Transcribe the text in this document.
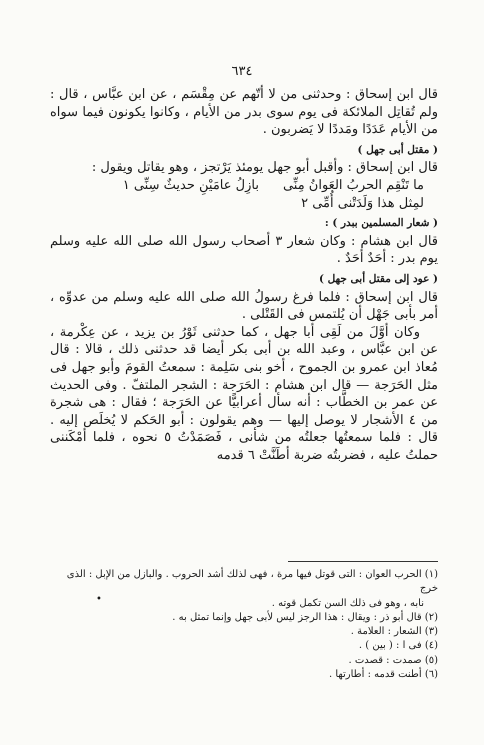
٦٣٤

قال ابن إسحاق : وحدثنى من لا أتّهم عن مِقْسَم ، عن ابن عبَّاس ، قال : ولم تُقاتِل الملائكة فى يوم سوى بدر من الأيام ، وكانوا يكونون فيما سواه من الأيام عَدَدًا ومَددًا لا يَضربون .

( مقتل أبى جهل )

قال ابن إسحاق : وأقبل أبو جهل يومئذ يَرْتجز ، وهو يقاتل ويقول :

ما تَنْقِم الحربُ العَوانُ مِنِّى
بازِلُ عامَيْنِ حديثٌ سِنِّى ١
لمِثل هذا وَلَدَتْنى أُمِّى ٢

( شعار المسلمين ببدر ) :

قال ابن هشام : وكان شعار ٣ أصحاب رسول الله صلى الله عليه وسلم يوم بدر : أحَدٌ أحَدٌ .

( عود إلى مقتل أبى جهل )

قال ابن إسحاق : فلما فرغ رسولُ الله صلى الله عليه وسلم من عدوِّه ، أمر بأبى جَهْل أن يُلتمس فى القَتْلى .

وكان أوَّلَ من لَقِى أبا جهل ، كما حدثنى ثَوْرُ بن يزيد ، عن عِكْرمة ، عن ابن عبَّاس ، وعبد الله بن أبى بكر أيضا قد حدثنى ذلك ، قالا : قال مُعاذ ابن عمرو بن الجموح ، أخو بنى سَلِمة : سمعتُ القومَ وأبو جهل فى مثل الحَرَجة — قال ابن هشام : الحَرَجة : الشجر الملتفّ . وفى الحديث عن عمر بن الخطَّاب : أنه سأل أعرابيًّا عن الحَرَجة ؛ فقال : هى شجرة من ٤ الأشجار لا يوصل إليها — وهم يقولون : أبو الحَكم لا يُخلَص إليه . قال : فلما سمعتُها جعلتُه من شأنى ، فَصَمَدْتُ ٥ نحوه ، فلما أمْكَننى حملتُ عليه ، فضربتُه ضربة أطَنَّتْ ٦ قدمه

•

(١) الحرب العوان : التى قوتل فيها مرة ، فهى لذلك أشد الحروب . والبازل من الإبل : الذى خرج

نابه ، وهو فى ذلك السن تكمل قوته .

(٢) قال أبو ذر : ويقال : هذا الرجز ليس لأبى جهل وإنما تمثل به .

(٣) الشعار : العلامة .

(٤) فى ا : ( بين ) .

(٥) صمدت : قصدت .

(٦) أطنت قدمه : أطارتها .
